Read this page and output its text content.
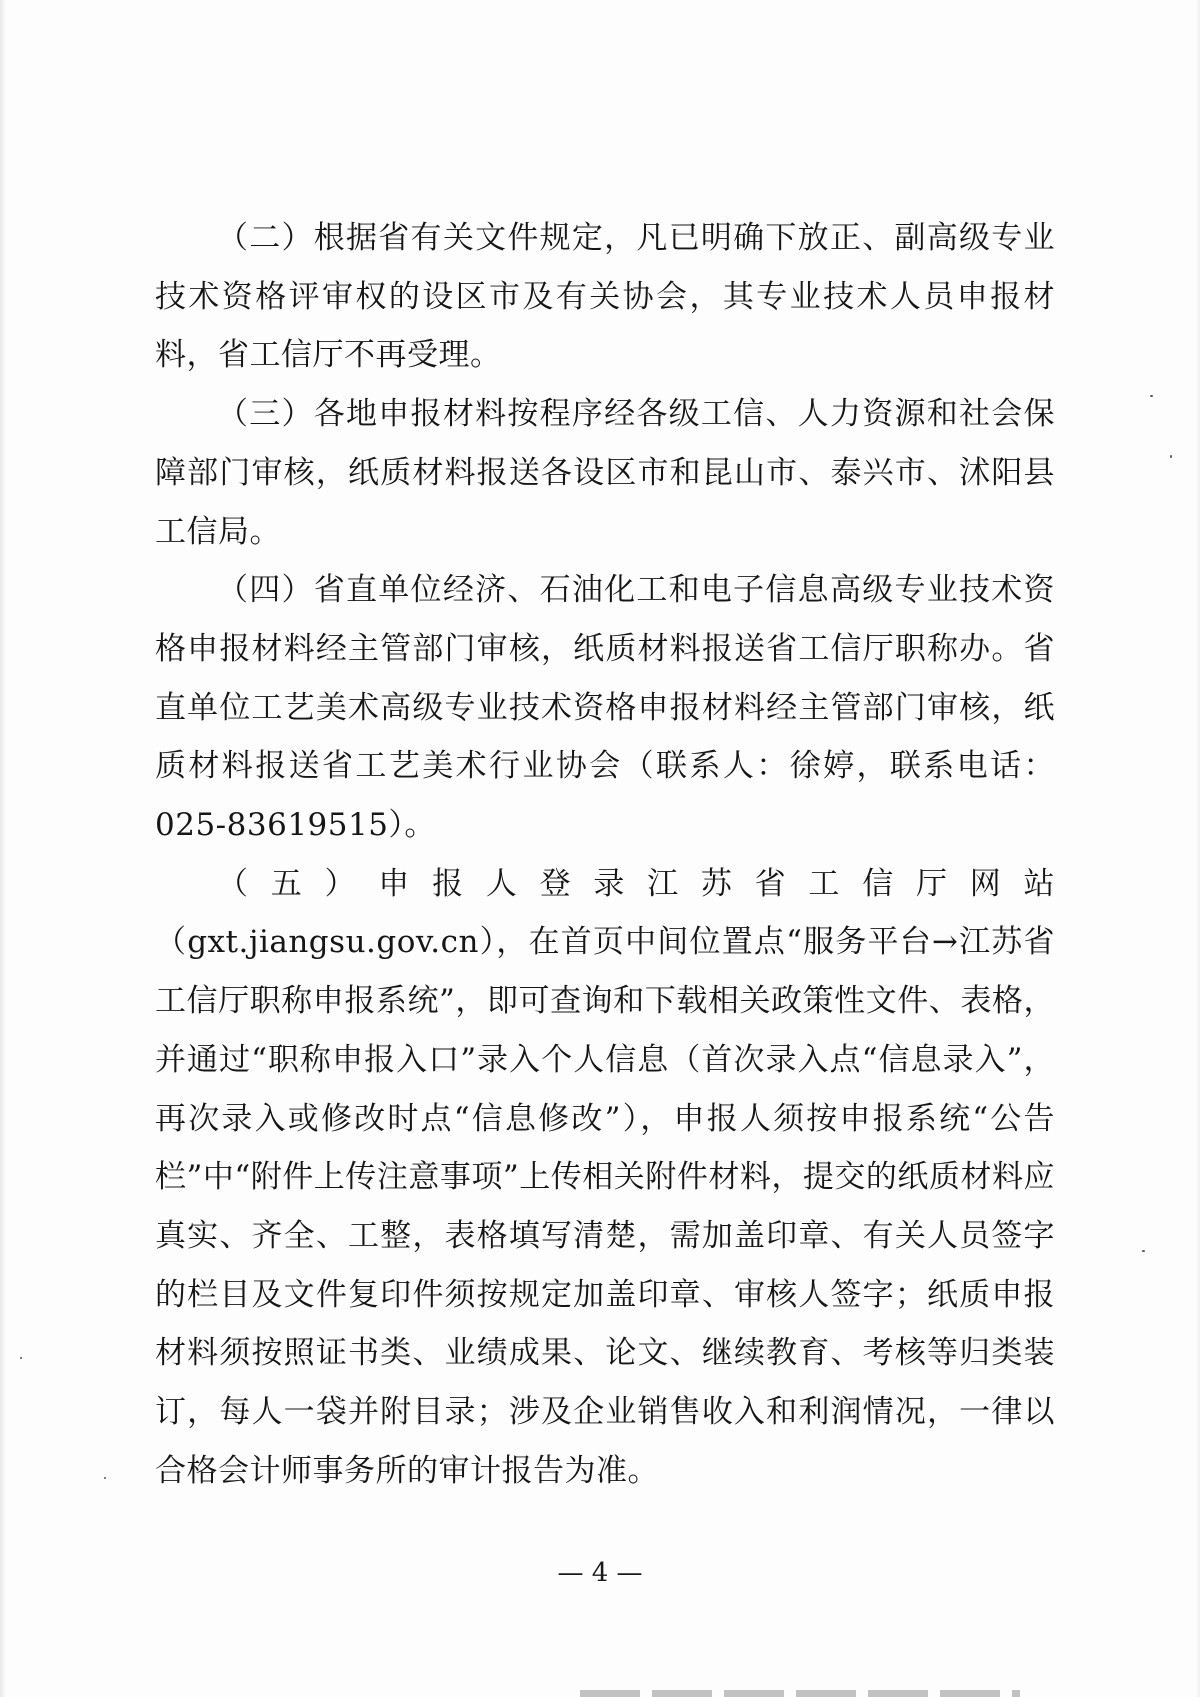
（二）根据省有关文件规定，凡已明确下放正、副高级专业技术资格评审权的设区市及有关协会，其专业技术人员申报材料，省工信厅不再受理。

（三）各地申报材料按程序经各级工信、人力资源和社会保障部门审核，纸质材料报送各设区市和昆山市、泰兴市、沭阳县工信局。

（四）省直单位经济、石油化工和电子信息高级专业技术资格申报材料经主管部门审核，纸质材料报送省工信厅职称办。省直单位工艺美术高级专业技术资格申报材料经主管部门审核，纸质材料报送省工艺美术行业协会（联系人：徐婷，联系电话：025-83619515）。

（五）申报人登录江苏省工信厅网站（gxt.jiangsu.gov.cn），在首页中间位置点“服务平台→江苏省工信厅职称申报系统”，即可查询和下载相关政策性文件、表格，并通过“职称申报入口”录入个人信息（首次录入点“信息录入”，再次录入或修改时点“信息修改”），申报人须按申报系统“公告栏”中“附件上传注意事项”上传相关附件材料，提交的纸质材料应真实、齐全、工整，表格填写清楚，需加盖印章、有关人员签字的栏目及文件复印件须按规定加盖印章、审核人签字；纸质申报材料须按照证书类、业绩成果、论文、继续教育、考核等归类装订，每人一袋并附目录；涉及企业销售收入和利润情况，一律以合格会计师事务所的审计报告为准。

— 4 —
